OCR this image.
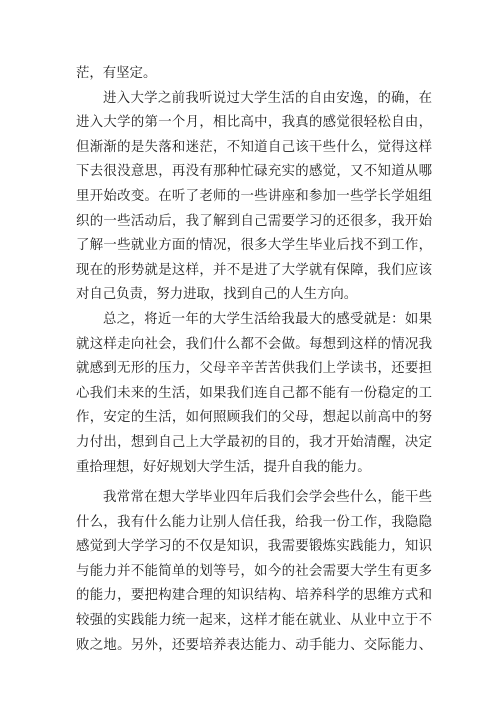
茫，有坚定。
进入大学之前我听说过大学生活的自由安逸，的确，在
进入大学的第一个月，相比高中，我真的感觉很轻松自由，
但渐渐的是失落和迷茫，不知道自己该干些什么，觉得这样
下去很没意思，再没有那种忙碌充实的感觉，又不知道从哪
里开始改变。在听了老师的一些讲座和参加一些学长学姐组
织的一些活动后，我了解到自己需要学习的还很多，我开始
了解一些就业方面的情况，很多大学生毕业后找不到工作，
现在的形势就是这样，并不是进了大学就有保障，我们应该
对自己负责，努力进取，找到自己的人生方向。
总之，将近一年的大学生活给我最大的感受就是：如果
就这样走向社会，我们什么都不会做。每想到这样的情况我
就感到无形的压力，父母辛辛苦苦供我们上学读书，还要担
心我们未来的生活，如果我们连自己都不能有一份稳定的工
作，安定的生活，如何照顾我们的父母，想起以前高中的努
力付出，想到自己上大学最初的目的，我才开始清醒，决定
重拾理想，好好规划大学生活，提升自我的能力。
我常常在想大学毕业四年后我们会学会些什么，能干些
什么，我有什么能力让别人信任我，给我一份工作，我隐隐
感觉到大学学习的不仅是知识，我需要锻炼实践能力，知识
与能力并不能简单的划等号，如今的社会需要大学生有更多
的能力，要把构建合理的知识结构、培养科学的思维方式和
较强的实践能力统一起来，这样才能在就业、从业中立于不
败之地。另外，还要培养表达能力、动手能力、交际能力、
